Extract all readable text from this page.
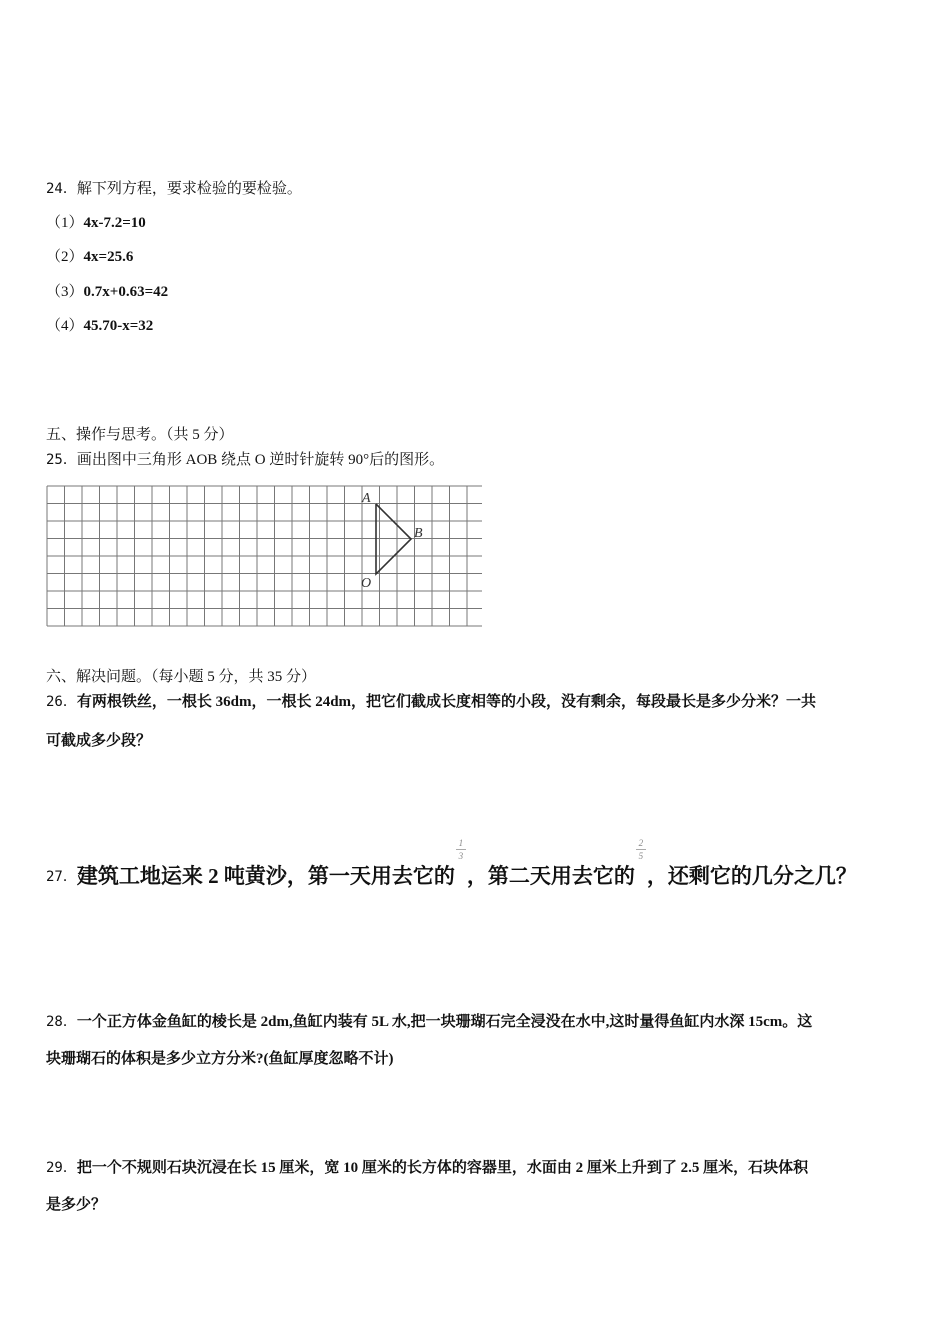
24．解下列方程，要求检验的要检验。
（1）4x-7.2=10
（2）4x=25.6
（3）0.7x+0.63=42
（4）45.70-x=32
五、操作与思考。（共 5 分）
25．画出图中三角形 AOB 绕点 O 逆时针旋转 90°后的图形。
A
B
O
六、解决问题。（每小题 5 分，共 35 分）
26．有两根铁丝，一根长 36dm，一根长 24dm，把它们截成长度相等的小段，没有剩余，每段最长是多少分米？一共
可截成多少段？
27．建筑工地运来 2 吨黄沙，第一天用去它的
$\frac{1}{3}$
，第二天用去它的
$\frac{2}{5}$
，还剩它的几分之几？
28．一个正方体金鱼缸的棱长是 2dm,鱼缸内装有 5L 水,把一块珊瑚石完全浸没在水中,这时量得鱼缸内水深 15cm。这
块珊瑚石的体积是多少立方分米?(鱼缸厚度忽略不计)
29．把一个不规则石块沉浸在长 15 厘米，宽 10 厘米的长方体的容器里，水面由 2 厘米上升到了 2.5 厘米，石块体积
是多少？
